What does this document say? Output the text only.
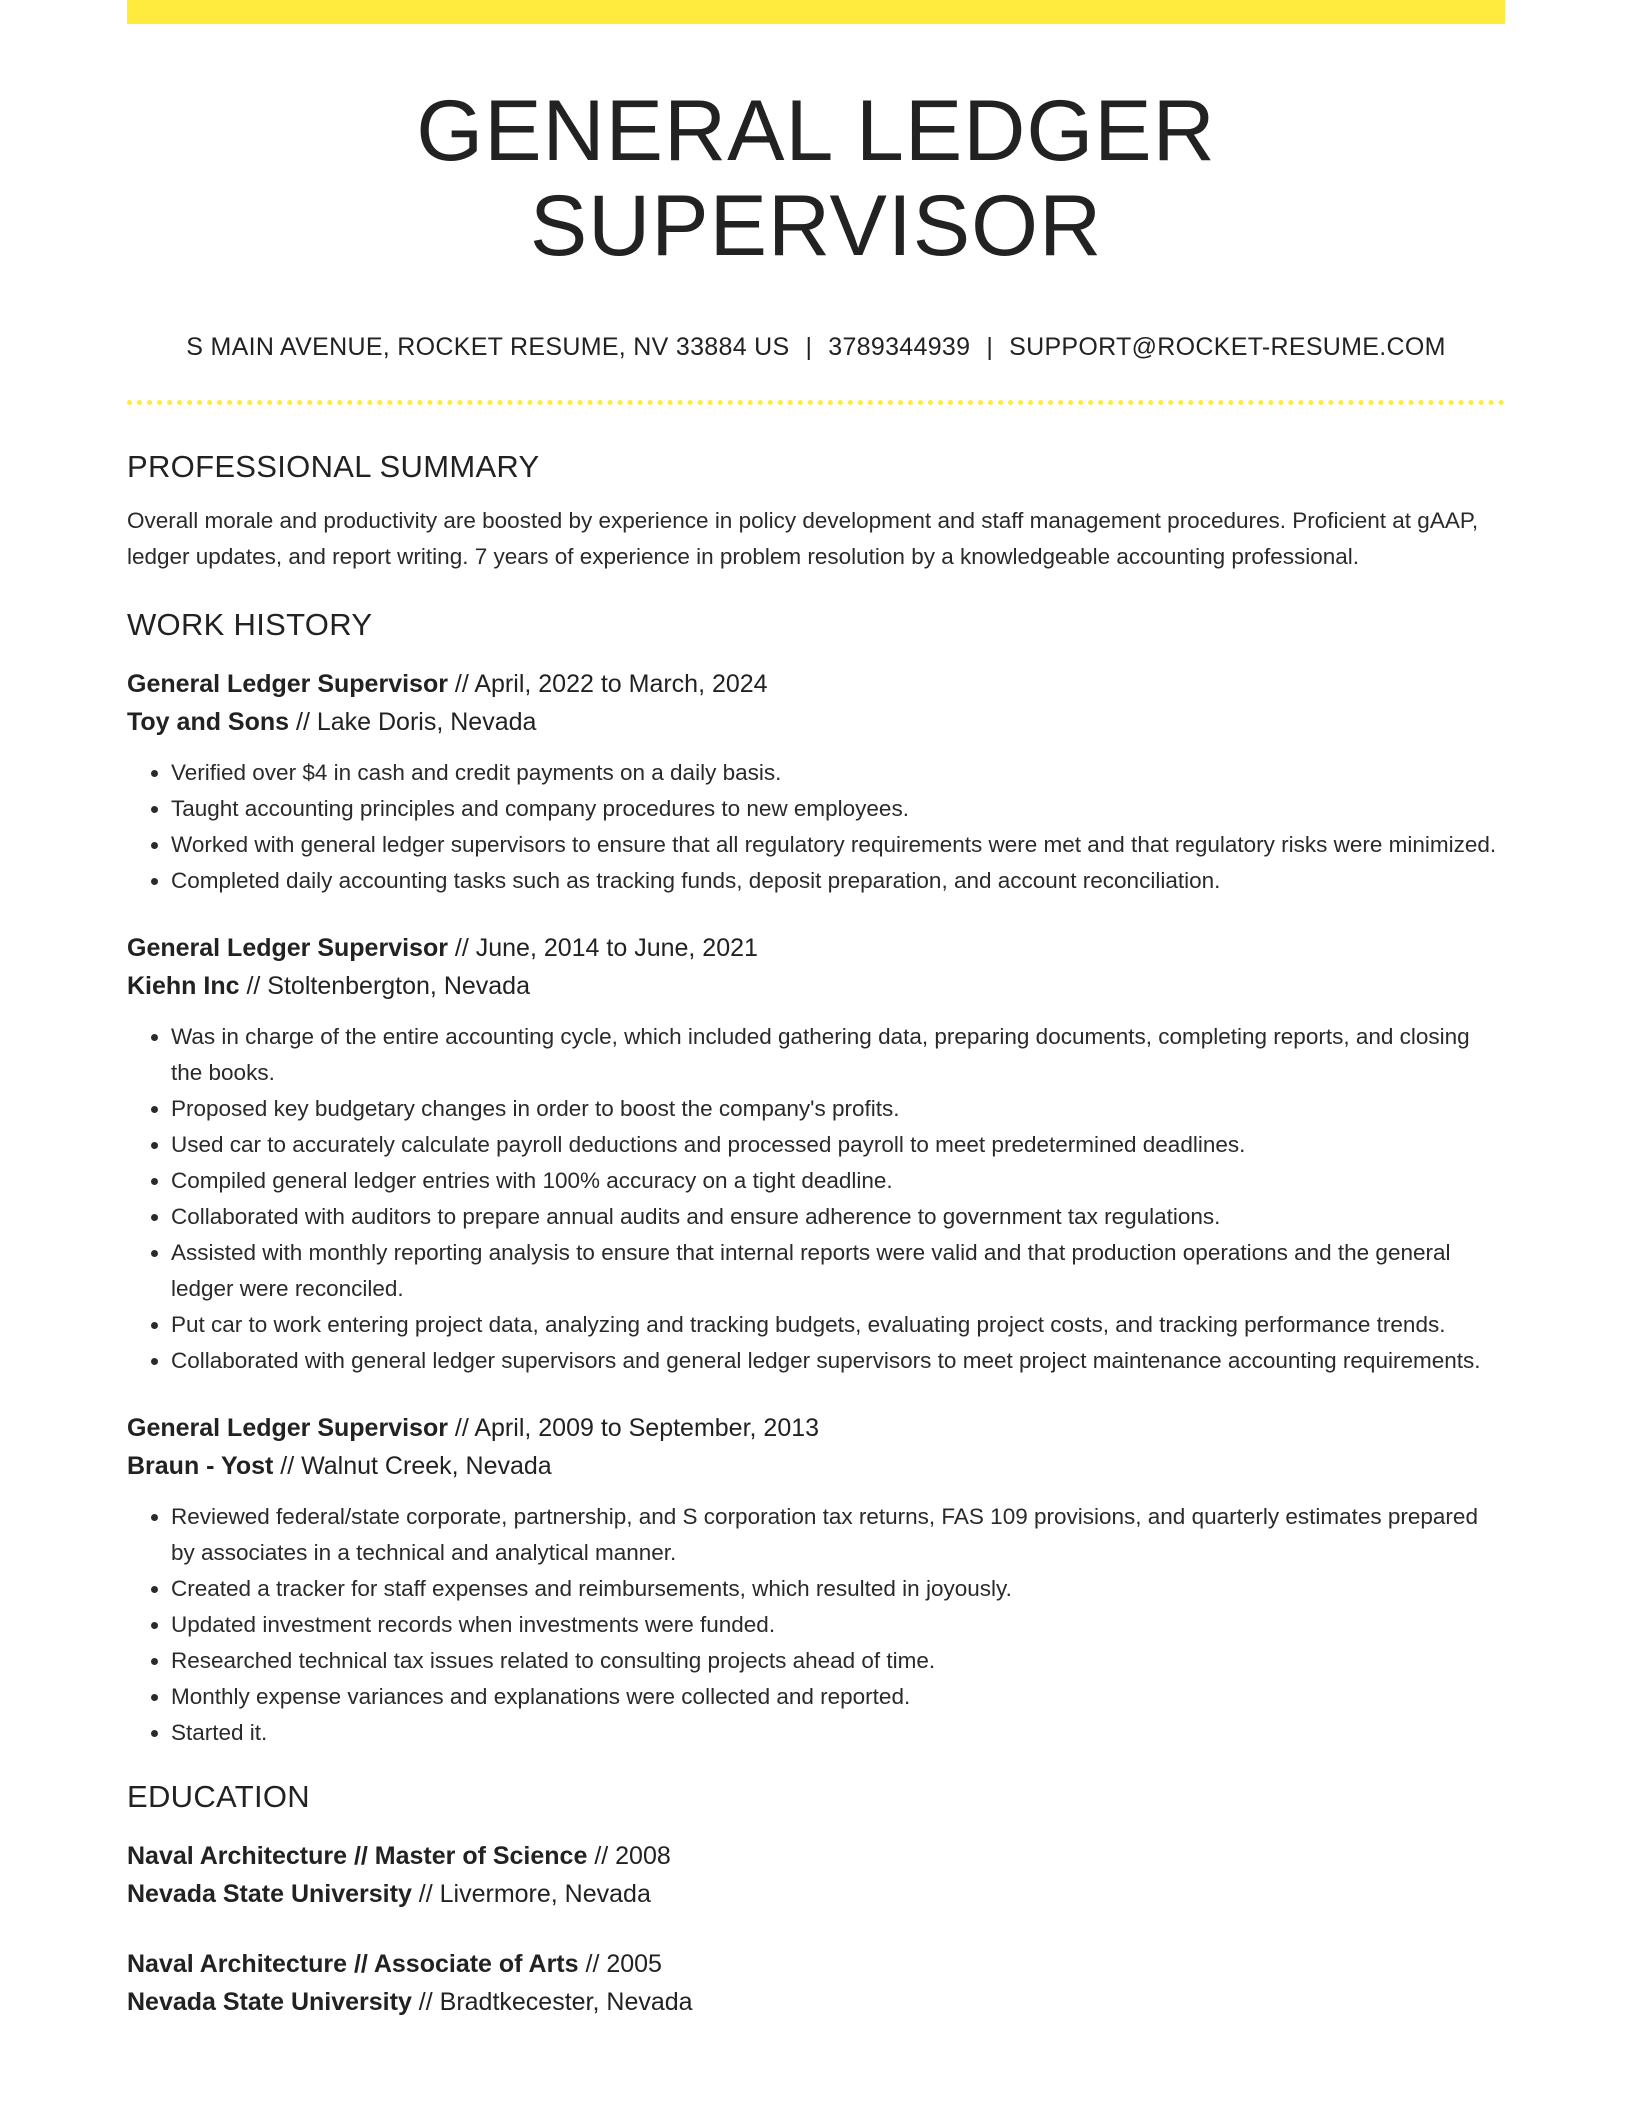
GENERAL LEDGER SUPERVISOR
S MAIN AVENUE, ROCKET RESUME, NV 33884 US | 3789344939 | SUPPORT@ROCKET-RESUME.COM
PROFESSIONAL SUMMARY
Overall morale and productivity are boosted by experience in policy development and staff management procedures. Proficient at gAAP, ledger updates, and report writing. 7 years of experience in problem resolution by a knowledgeable accounting professional.
WORK HISTORY
General Ledger Supervisor // April, 2022 to March, 2024
Toy and Sons // Lake Doris, Nevada
• Verified over $4 in cash and credit payments on a daily basis.
• Taught accounting principles and company procedures to new employees.
• Worked with general ledger supervisors to ensure that all regulatory requirements were met and that regulatory risks were minimized.
• Completed daily accounting tasks such as tracking funds, deposit preparation, and account reconciliation.
General Ledger Supervisor // June, 2014 to June, 2021
Kiehn Inc // Stoltenbergton, Nevada
• Was in charge of the entire accounting cycle, which included gathering data, preparing documents, completing reports, and closing the books.
• Proposed key budgetary changes in order to boost the company's profits.
• Used car to accurately calculate payroll deductions and processed payroll to meet predetermined deadlines.
• Compiled general ledger entries with 100% accuracy on a tight deadline.
• Collaborated with auditors to prepare annual audits and ensure adherence to government tax regulations.
• Assisted with monthly reporting analysis to ensure that internal reports were valid and that production operations and the general ledger were reconciled.
• Put car to work entering project data, analyzing and tracking budgets, evaluating project costs, and tracking performance trends.
• Collaborated with general ledger supervisors and general ledger supervisors to meet project maintenance accounting requirements.
General Ledger Supervisor // April, 2009 to September, 2013
Braun - Yost // Walnut Creek, Nevada
• Reviewed federal/state corporate, partnership, and S corporation tax returns, FAS 109 provisions, and quarterly estimates prepared by associates in a technical and analytical manner.
• Created a tracker for staff expenses and reimbursements, which resulted in joyously.
• Updated investment records when investments were funded.
• Researched technical tax issues related to consulting projects ahead of time.
• Monthly expense variances and explanations were collected and reported.
• Started it.
EDUCATION
Naval Architecture // Master of Science // 2008
Nevada State University // Livermore, Nevada
Naval Architecture // Associate of Arts // 2005
Nevada State University // Bradtkecester, Nevada
